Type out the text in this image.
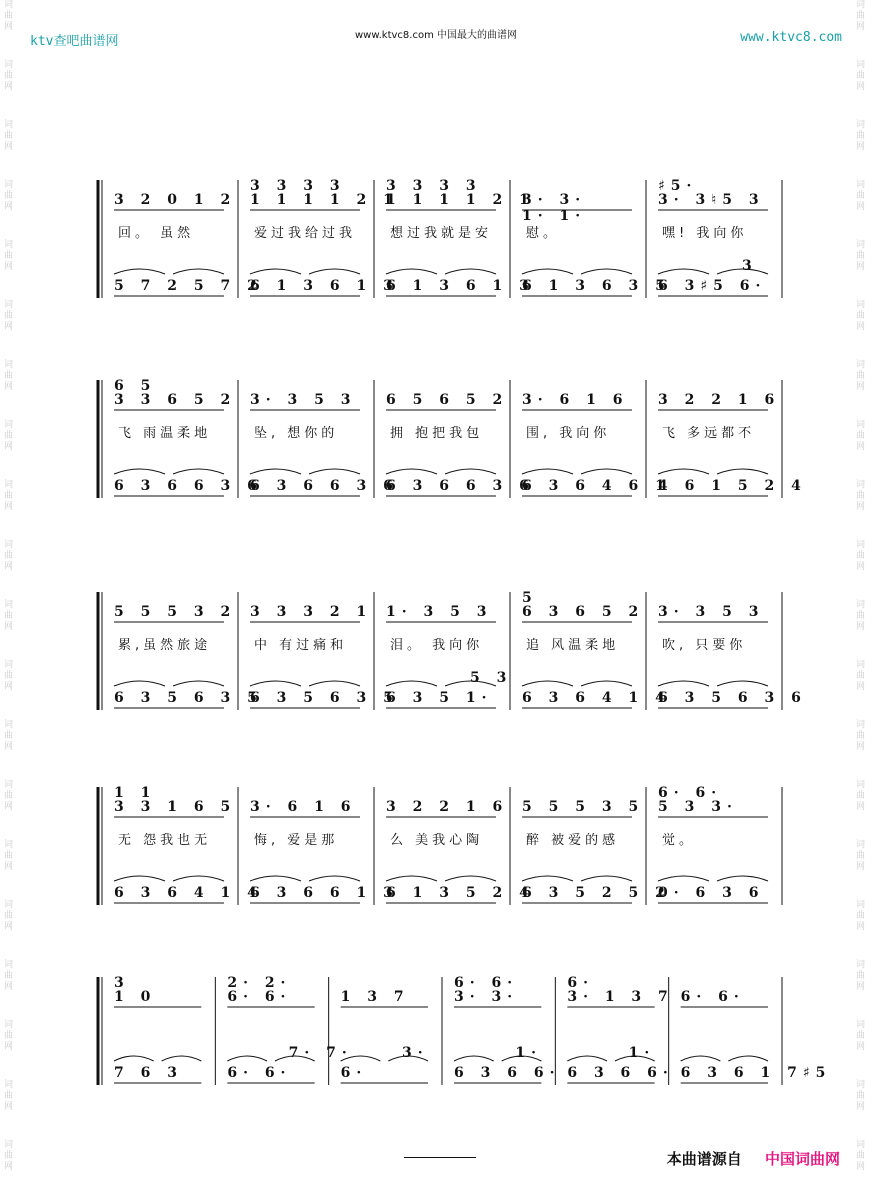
ktv查吧曲谱网	www.ktvc8.com 中国最大的曲谱网	www.ktvc8.com
词
曲
网
词
曲
网
词
曲
网
词
曲
网
词
曲
网
词
曲
网
词
曲
网
词
曲
网
词
曲
网
词
曲
网
词
曲
网
词
曲
网
词
曲
网
词
曲
网
词
曲
网
词
曲
网
词
曲
网
词
曲
网
词
曲
网
词
曲
网
词
曲
网
词
曲
网
词
曲
网
词
曲
网
词
曲
网
词
曲
网
词
曲
网
词
曲
网
词
曲
网
词
曲
网
词
曲
网
词
曲
网
词
曲
网
词
曲
网
词
曲
网
词
曲
网
词
曲
网
词
曲
网
词
曲
网
词
曲
网
3 2 0 1 2
回。 虽然
5 7 2 5 7 2
3 3 3 3
1 1 1 1 2 1
爱过我给过我
6 1 3 6 1 3
3 3 3 3
1 1 1 1 2 1
想过我就是安
6 1 3 6 1 3
3· 3·
1· 1·
慰。
6 1 3 6 3 5
♯5·
3· 3♮5 3
嘿! 我向你
3
6 3♯5 6·
6 5
3 3 6 5 2
飞 雨温柔地
6 3 6 6 3 6
3· 3 5 3
坠, 想你的
6 3 6 6 3 6
6 5 6 5 2
拥 抱把我包
6 3 6 6 3 6
3· 6 1 6
围, 我向你
6 3 6 4 6 1
3 2 2 1 6
飞 多远都不
4 6 1 5 2 4
5 5 5 3 2
累,虽然旅途
6 3 5 6 3 5
3 3 3 2 1
中 有过痛和
6 3 5 6 3 5
1· 3 5 3
泪。 我向你
5 3
6 3 5 1·
5
6 3 6 5 2
追 风温柔地
6 3 6 4 1 4
3· 3 5 3
吹, 只要你
6 3 5 6 3 6
1 1
3 3 1 6 5
无 怨我也无
6 3 6 4 1 4
3· 6 1 6
悔, 爱是那
6 3 6 6 1 3
3 2 2 1 6
么 美我心陶
6 1 3 5 2 4
5 5 5 3 5
醉 被爱的感
6 3 5 2 5 2
6· 6·
5 3 3·
觉。
0· 6 3 6
3
1 0
7 6 3
2· 2·
6· 6·
7· 7·
6· 6·
1 3 7
3·
6·
6· 6·
3· 3·
1·
6 3 6 6·
6·
3· 1 3 7
1·
6 3 6 6·
6· 6·
6 3 6 1 7♯5
本曲谱源自 中国词曲网
